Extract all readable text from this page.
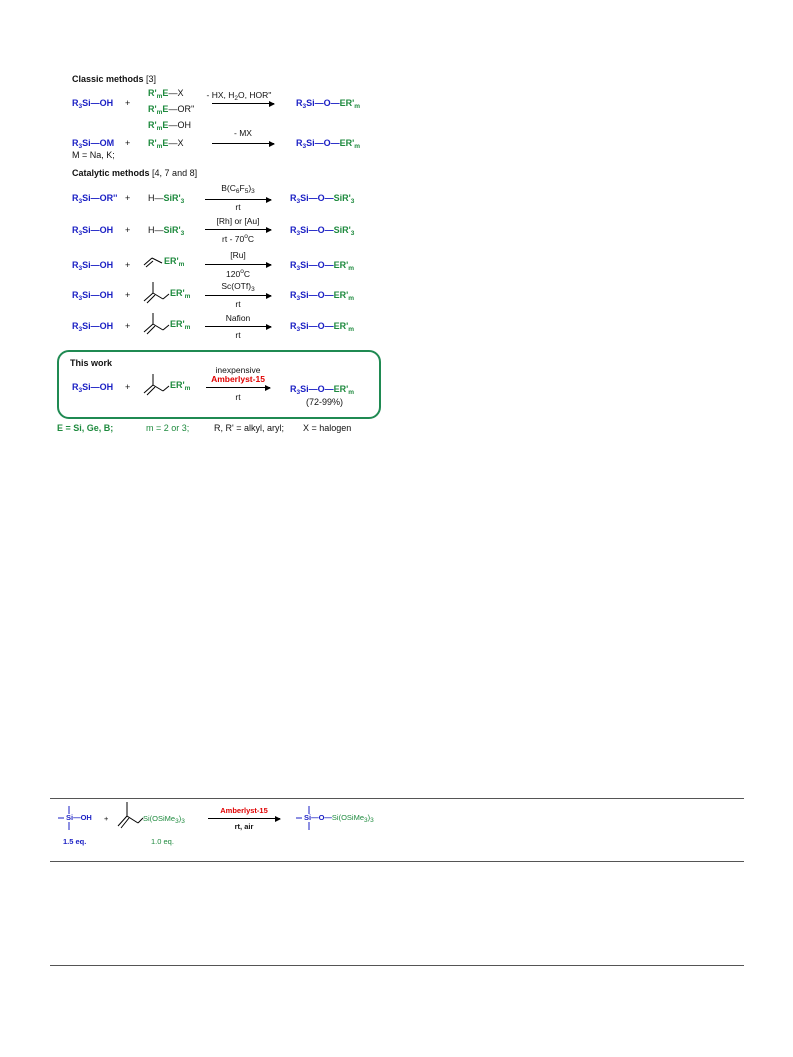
Classic methods [3]
$R_3Si—OH$ +
$R'_mE—X$
$R'_mE—OR''$
$R'_mE—OH$
- HX, $H_2O$, HOR''
$R_3Si—O—ER'_m$
$R_3Si—OM$
M = Na, K;
+ $R'_mE—X$
- MX
$R_3Si—O—ER'_m$
Catalytic methods [4, 7 and 8]
$R_3Si—OR''$ + $H—SiR'_3$
$B(C_6F_5)_3$
rt
$R_3Si—O—SiR'_3$
$R_3Si—OH$ + $H—SiR'_3$
[Rh] or [Au]
rt - 70$^o$C
$R_3Si—O—SiR'_3$
$R_3Si—OH$ +	$ER'_m$
[Ru]
120$^o$C
$R_3Si—O—ER'_m$
$R_3Si—OH$ +	$ER'_m$
$Sc(OTf)_3$
rt
$R_3Si—O—ER'_m$
$R_3Si—OH$ +	$ER'_m$
Nafion
rt
$R_3Si—O—ER'_m$
This work
$R_3Si—OH$ +	$ER'_m$
inexpensive
Amberlyst-15
rt
$R_3Si—O—ER'_m$
(72-99%)
E = Si, Ge, B;	m = 2 or 3;	R, R' = alkyl, aryl; X = halogen
Si—OH
1.5 eq.
+	$Si(OSiMe_3)_3$
1.0 eq.
Amberlyst-15
rt, air
$Si—O—Si(OSiMe_3)_3$
